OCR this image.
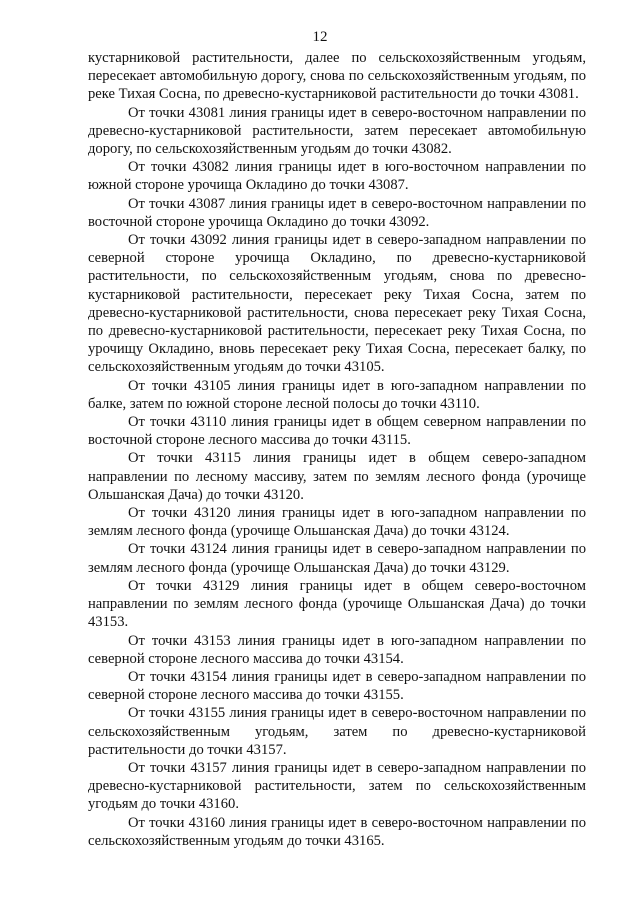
12

кустарниковой растительности, далее по сельскохозяйственным угодьям, пересекает автомобильную дорогу, снова по сельскохозяйственным угодьям, по реке Тихая Сосна, по древесно-кустарниковой растительности до точки 43081.

От точки 43081 линия границы идет в северо-восточном направлении по древесно-кустарниковой растительности, затем пересекает автомобильную дорогу, по сельскохозяйственным угодьям до точки 43082.

От точки 43082 линия границы идет в юго-восточном направлении по южной стороне урочища Окладино до точки 43087.

От точки 43087 линия границы идет в северо-восточном направлении по восточной стороне урочища Окладино до точки 43092.

От точки 43092 линия границы идет в северо-западном направлении по северной стороне урочища Окладино, по древесно-кустарниковой растительности, по сельскохозяйственным угодьям, снова по древесно-кустарниковой растительности, пересекает реку Тихая Сосна, затем по древесно-кустарниковой растительности, снова пересекает реку Тихая Сосна, по древесно-кустарниковой растительности, пересекает реку Тихая Сосна, по урочищу Окладино, вновь пересекает реку Тихая Сосна, пересекает балку, по сельскохозяйственным угодьям до точки 43105.

От точки 43105 линия границы идет в юго-западном направлении по балке, затем по южной стороне лесной полосы до точки 43110.

От точки 43110 линия границы идет в общем северном направлении по восточной стороне лесного массива до точки 43115.

От точки 43115 линия границы идет в общем северо-западном направлении по лесному массиву, затем по землям лесного фонда (урочище Ольшанская Дача) до точки 43120.

От точки 43120 линия границы идет в юго-западном направлении по землям лесного фонда (урочище Ольшанская Дача) до точки 43124.

От точки 43124 линия границы идет в северо-западном направлении по землям лесного фонда (урочище Ольшанская Дача) до точки 43129.

От точки 43129 линия границы идет в общем северо-восточном направлении по землям лесного фонда (урочище Ольшанская Дача) до точки 43153.

От точки 43153 линия границы идет в юго-западном направлении по северной стороне лесного массива до точки 43154.

От точки 43154 линия границы идет в северо-западном направлении по северной стороне лесного массива до точки 43155.

От точки 43155 линия границы идет в северо-восточном направлении по сельскохозяйственным угодьям, затем по древесно-кустарниковой растительности до точки 43157.

От точки 43157 линия границы идет в северо-западном направлении по древесно-кустарниковой растительности, затем по сельскохозяйственным угодьям до точки 43160.

От точки 43160 линия границы идет в северо-восточном направлении по сельскохозяйственным угодьям до точки 43165.
